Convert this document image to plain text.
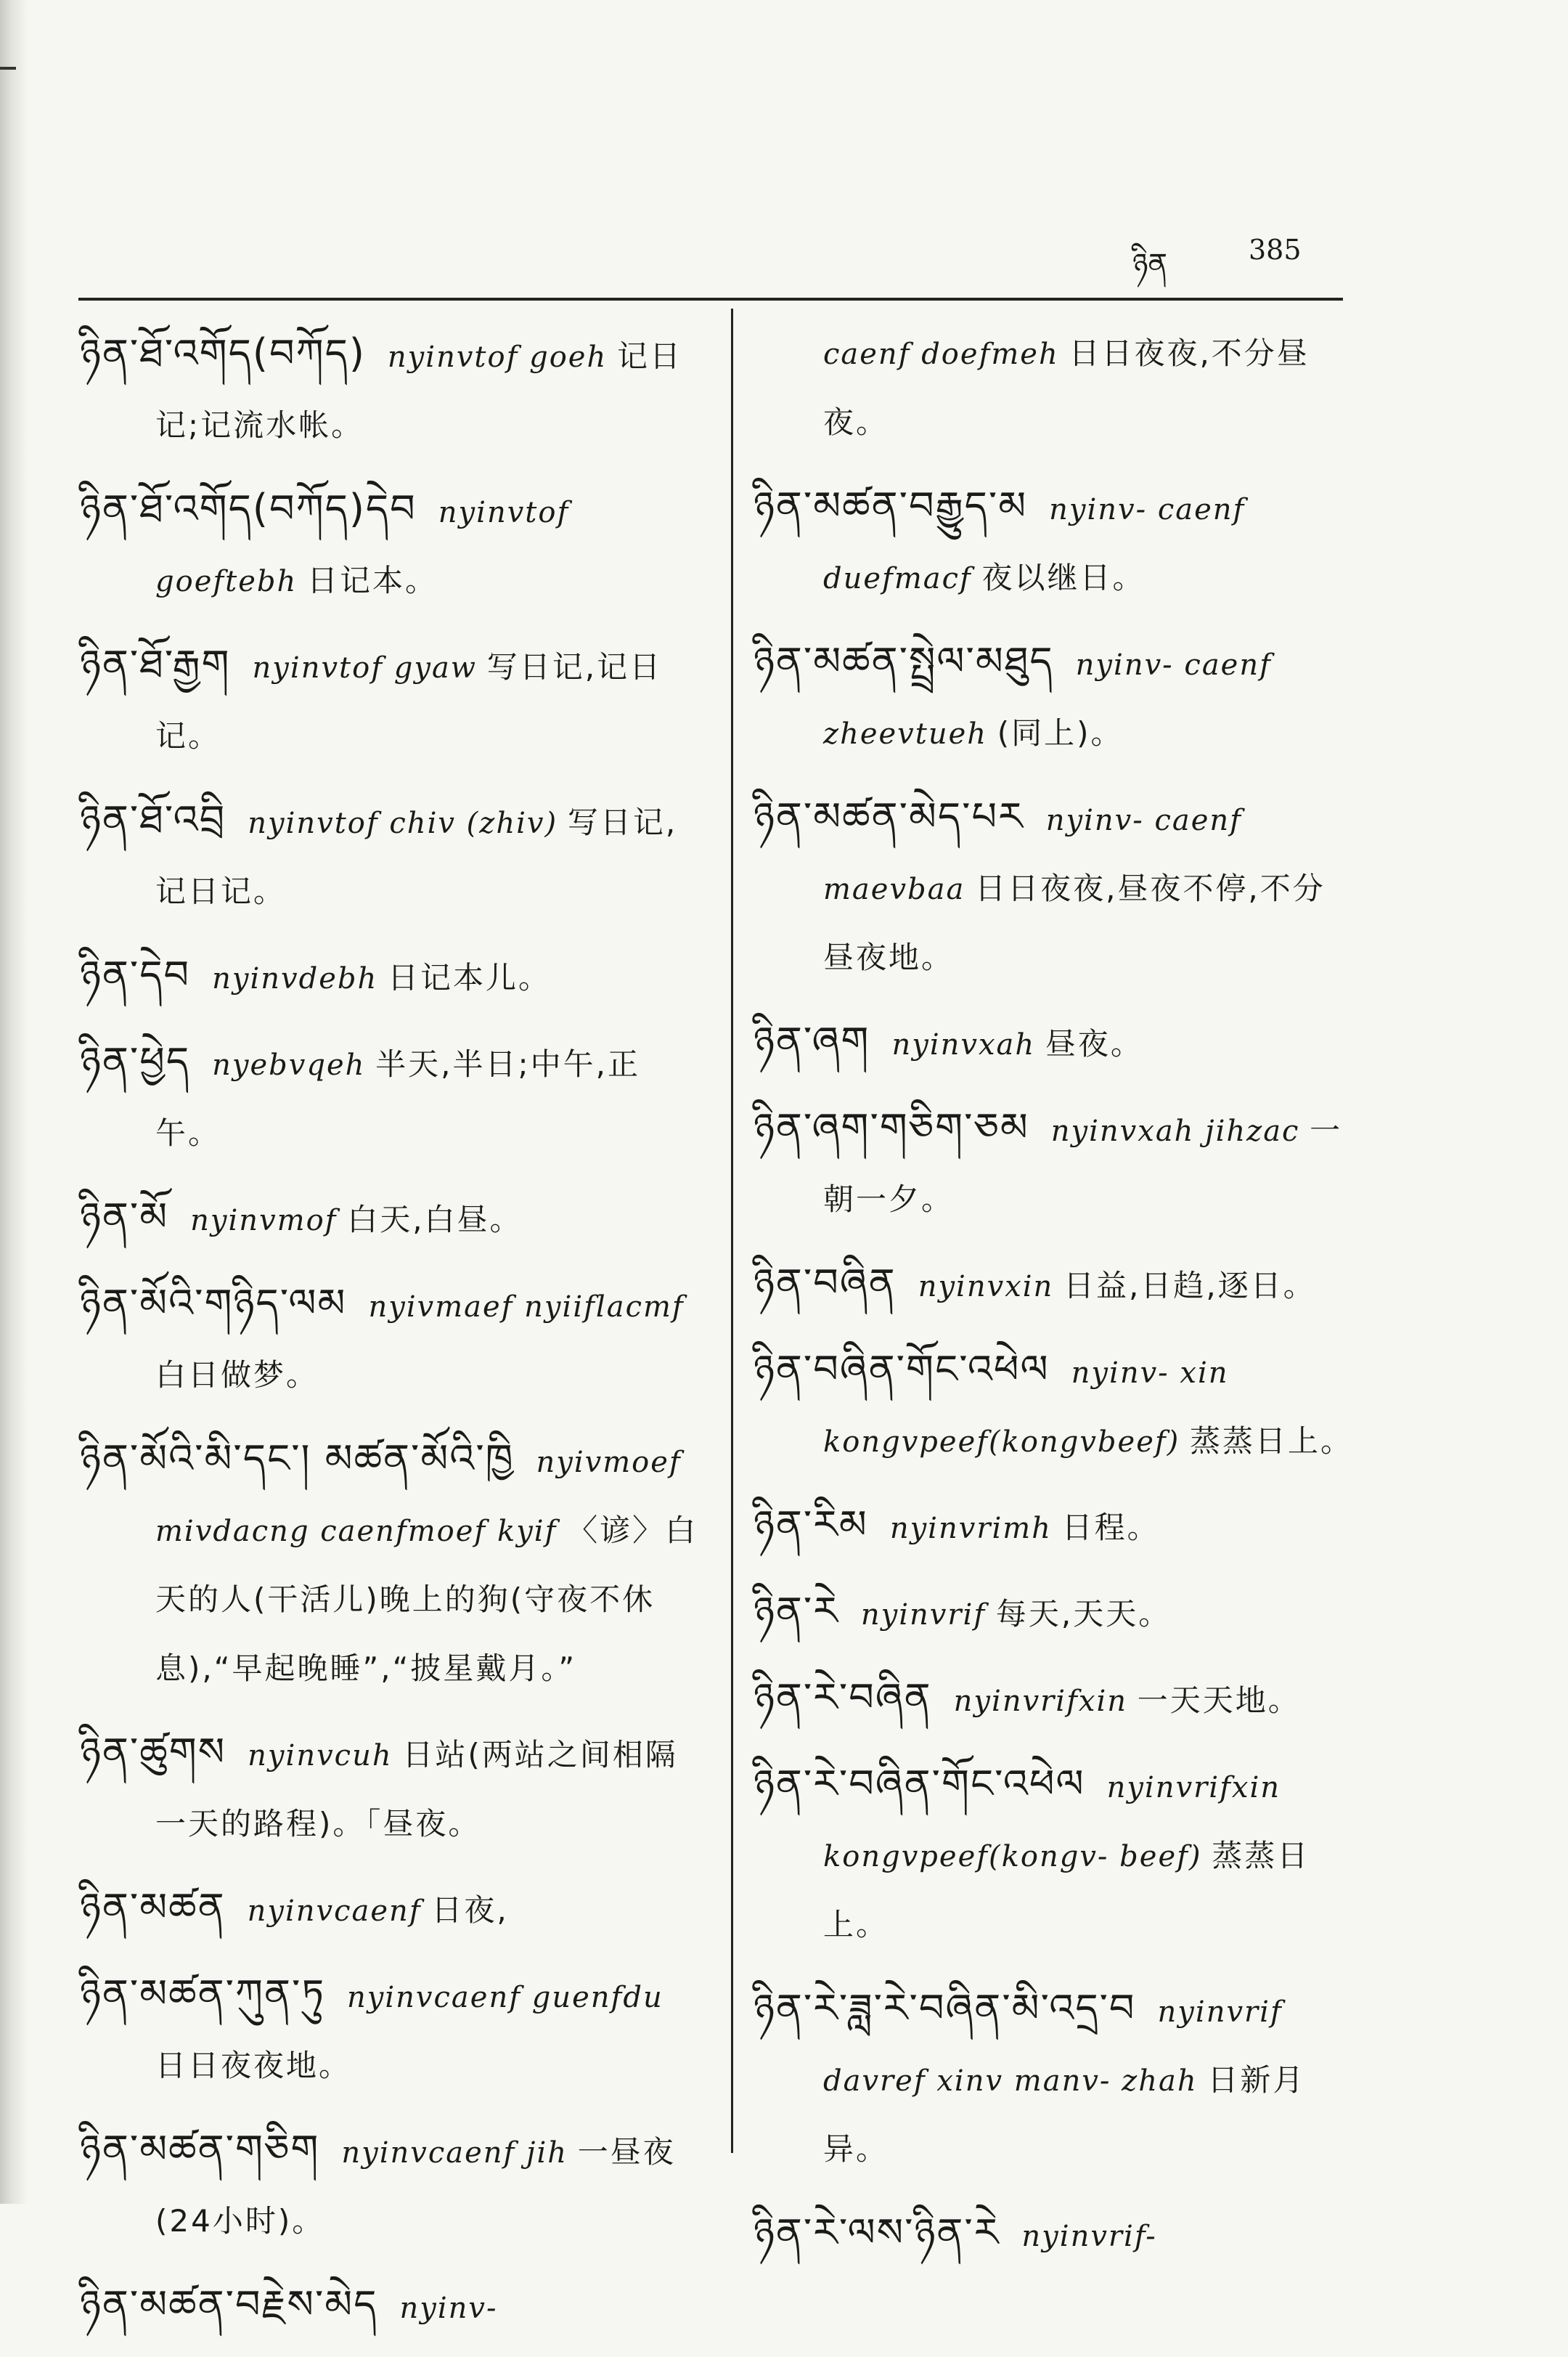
ཉིན	385

ཉིན་ཐོ་འགོད(བཀོད) nyinvtof goeh 记日记;记流水帐。

ཉིན་ཐོ་འགོད(བཀོད)དེབ nyinvtof goeftebh 日记本。

ཉིན་ཐོ་རྒྱག nyinvtof gyaw 写日记,记日记。

ཉིན་ཐོ་འབྲི nyinvtof chiv (zhiv) 写日记,记日记。

ཉིན་དེབ nyinvdebh 日记本儿。

ཉིན་ཕྱེད nyebvqeh 半天,半日;中午,正午。

ཉིན་མོ nyinvmof 白天,白昼。

ཉིན་མོའི་གཉིད་ལམ nyivmaef nyiiflacmf 白日做梦。

ཉིན་མོའི་མི་དང་། མཚན་མོའི་ཁྱི nyivmoef mivdacng caenfmoef kyif 〈谚〉白天的人(干活儿)晚上的狗(守夜不休息),“早起晚睡”,“披星戴月。”

ཉིན་ཚུགས nyinvcuh 日站(两站之间相隔一天的路程)。「昼夜。

ཉིན་མཚན nyinvcaenf 日夜,

ཉིན་མཚན་ཀུན་ཏུ nyinvcaenf guenfdu 日日夜夜地。

ཉིན་མཚན་གཅིག nyinvcaenf jih 一昼夜(24小时)。

ཉིན་མཚན་བརྗེས་མེད nyinv-

caenf doefmeh 日日夜夜,不分昼夜。

ཉིན་མཚན་བརྒྱུད་མ nyinv- caenf duefmacf 夜以继日。

ཉིན་མཚན་སྤྲེལ་མཐུད nyinv- caenf zheevtueh (同上)。

ཉིན་མཚན་མེད་པར nyinv- caenf maevbaa 日日夜夜,昼夜不停,不分昼夜地。

ཉིན་ཞག nyinvxah 昼夜。

ཉིན་ཞག་གཅིག་ཅམ nyinvxah jihzac 一朝一夕。

ཉིན་བཞིན nyinvxin 日益,日趋,逐日。

ཉིན་བཞིན་གོང་འཕེལ nyinv- xin kongvpeef(kongvbeef) 蒸蒸日上。

ཉིན་རིམ nyinvrimh 日程。

ཉིན་རེ nyinvrif 每天,天天。

ཉིན་རེ་བཞིན nyinvrifxin 一天天地。

ཉིན་རེ་བཞིན་གོང་འཕེལ nyinvrifxin kongvpeef(kongv- beef) 蒸蒸日上。

ཉིན་རེ་ཟླ་རེ་བཞིན་མི་འདྲ་བ nyinvrif davref xinv manv- zhah 日新月异。

ཉིན་རེ་ལས་ཉིན་རེ nyinvrif-
